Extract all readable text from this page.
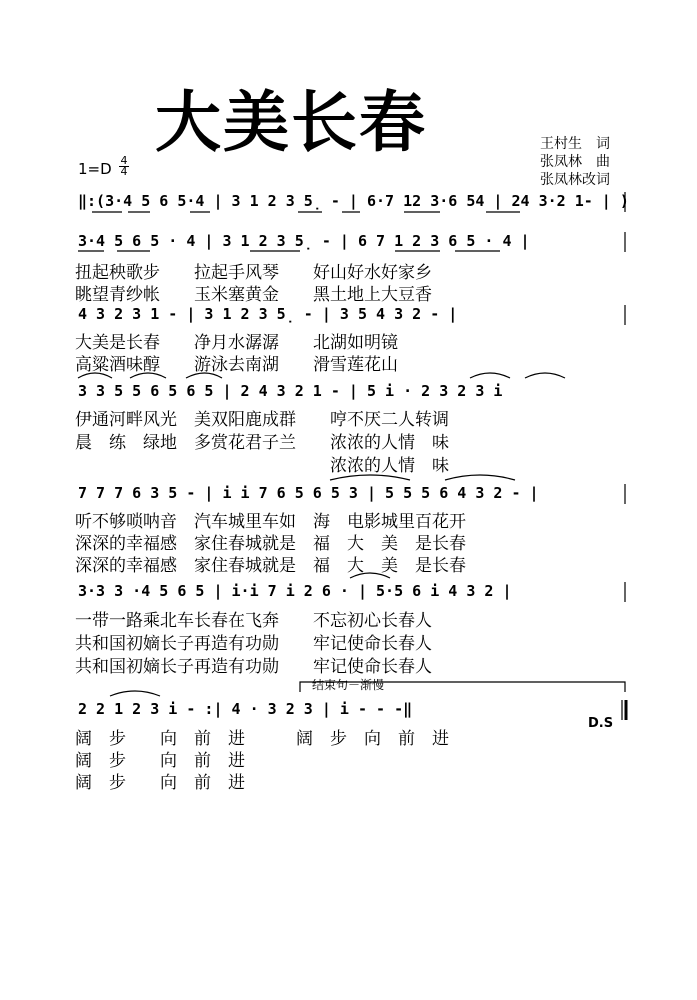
大美长春	王村生　词
张凤林　曲
张凤林改词
1=D 4
4
‖:(3·4 5 6 5·4 | 3 1 2 3 5̣ - | 6·7 12 3·6 54 | 24 3·2 1- | )
3·4 5 6 5 · 4 | 3 1 2 3 5̣ - | 6 7 1 2 3 6 5 · 4 |
扭起秧歌步　　拉起手风琴　　好山好水好家乡
眺望青纱帐　　玉米塞黄金　　黑土地上大豆香
4 3 2 3 1 - | 3 1 2 3 5̣ - | 3 5 4 3 2 - |
大美是长春　　净月水潺潺　　北湖如明镜
高粱酒味醇　　游泳去南湖　　滑雪莲花山
3 3 5 5 6 5 6 5 | 2 4 3 2 1 - | 5 i · 2 3 2 3 i
伊通河畔风光　美双阳鹿成群　　哼不厌二人转调
晨　练　绿地　多赏花君子兰　　浓浓的人情　味
　　　　　　　　　　　　　　　浓浓的人情　味
7 7 7 6 3 5 - | i i 7 6 5 6 5 3 | 5 5 5 6 4 3 2 - |
听不够唢呐音　汽车城里车如　海　电影城里百花开
深深的幸福感　家住春城就是　福　大　美　是长春
深深的幸福感　家住春城就是　福　大　美　是长春
3·3 3 ·4 5 6 5 | i·i 7 i 2 6 · | 5·5 6 i 4 3 2 |
一带一路乘北车长春在飞奔　　不忘初心长春人
共和国初嫡长子再造有功勋　　牢记使命长春人
共和国初嫡长子再造有功勋　　牢记使命长春人
结束句－渐慢
2 2 1 2 3 i - :| 4 · 3 2 3 | i - - -‖
D.S
阔　步　　向　前　进　　　阔　步　向　前　进
阔　步　　向　前　进
阔　步　　向　前　进
